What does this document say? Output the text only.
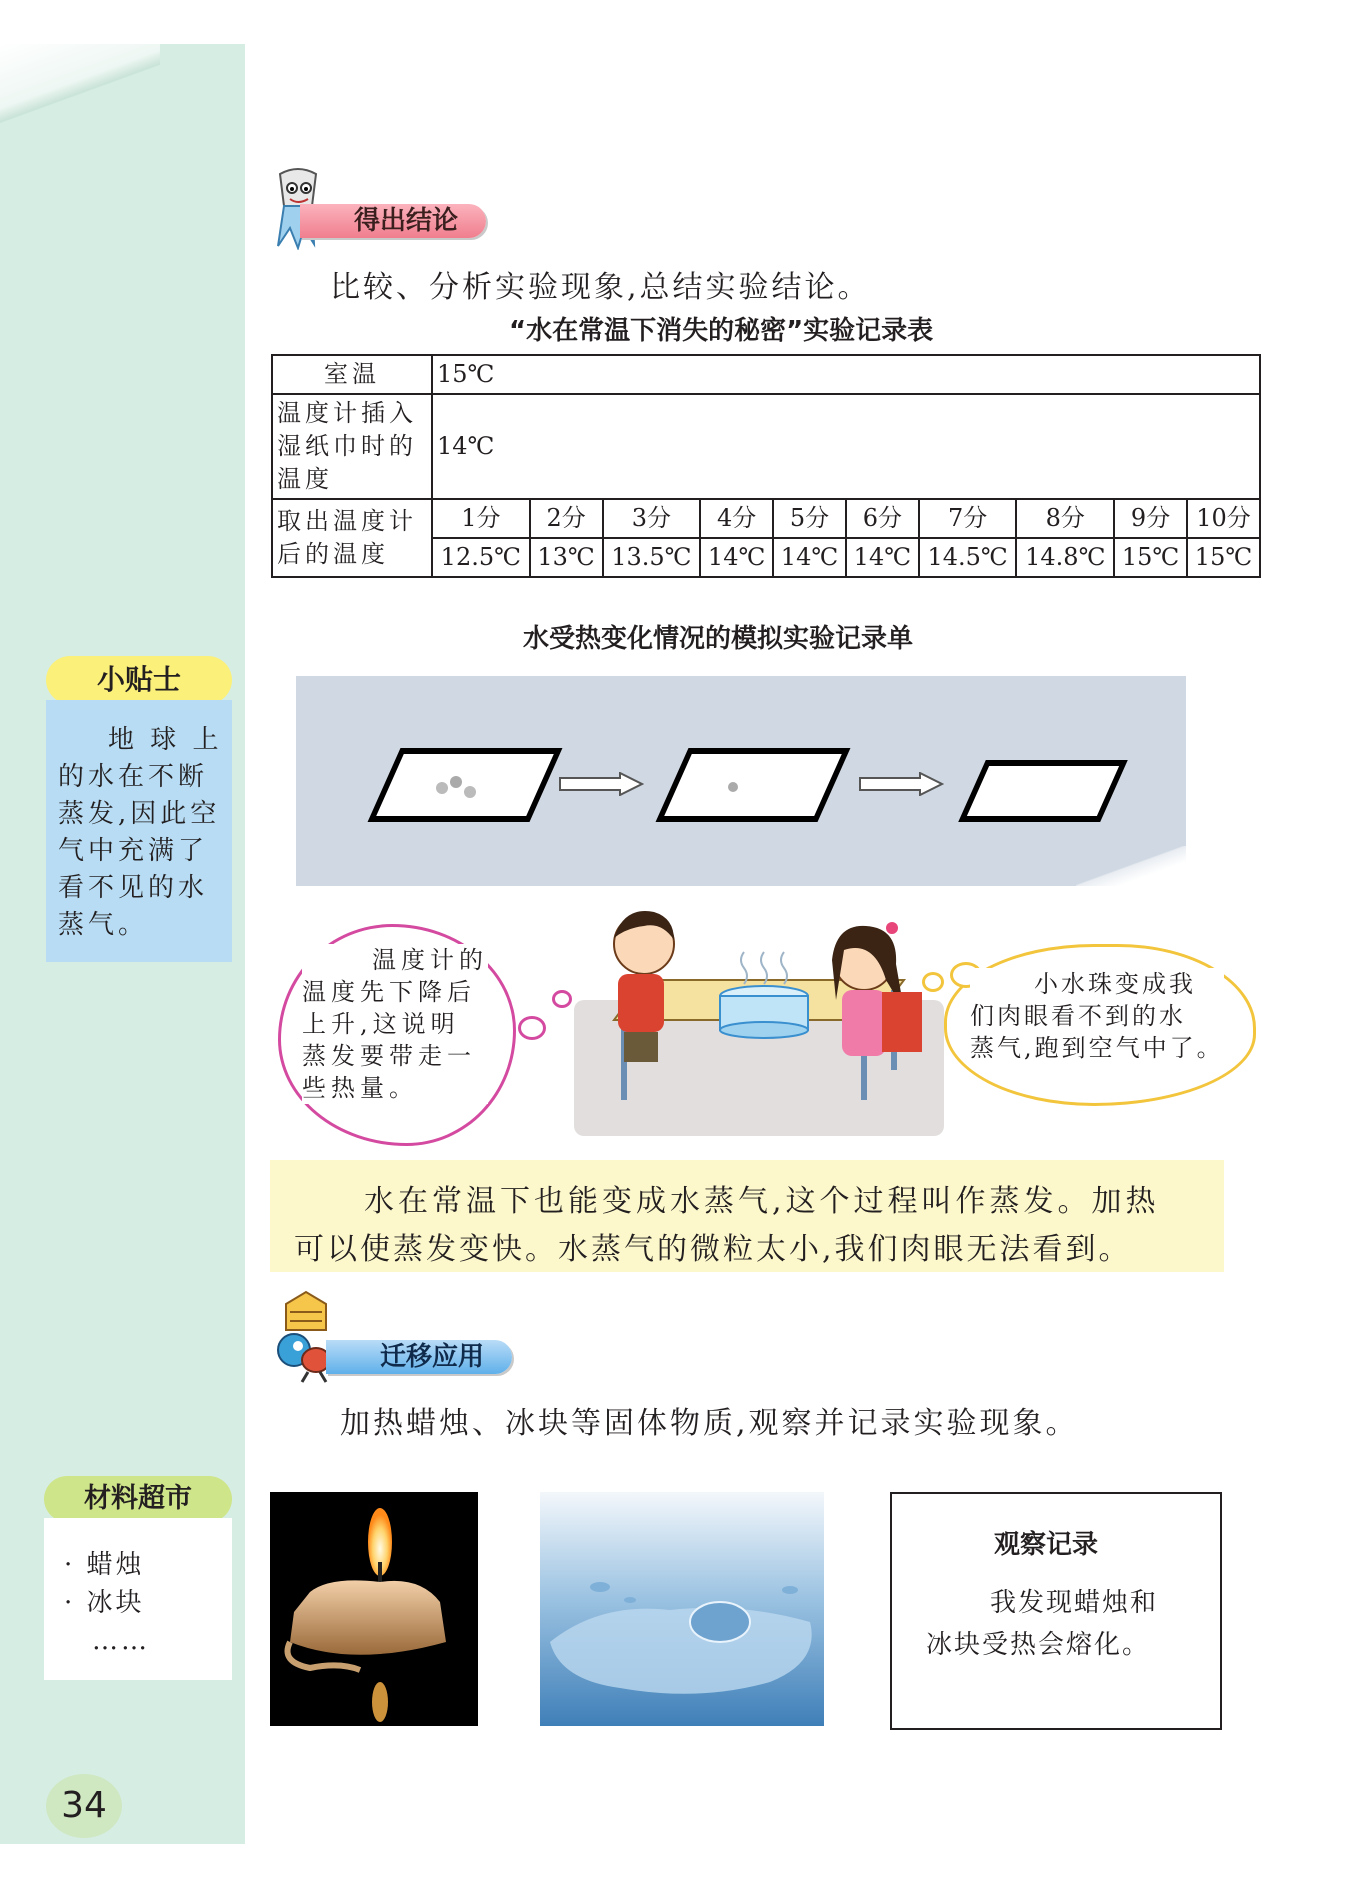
得出结论
比较、分析实验现象,总结实验结论。
“水在常温下消失的秘密”实验记录表
室温	15℃									

温度计插入
湿纸巾时的
温度	14℃									

取出温度计
后的温度	1分	2分	3分	4分	5分	6分	7分	8分	9分	10分
	12.5℃	13℃	13.5℃	14℃	14℃	14℃	14.5℃	14.8℃	15℃	15℃
水受热变化情况的模拟实验记录单
温度计的
温度先下降后
上升,这说明
蒸发要带走一
些热量。
小水珠变成我
们肉眼看不到的水
蒸气,跑到空气中了。
水在常温下也能变成水蒸气,这个过程叫作蒸发。加热
可以使蒸发变快。水蒸气的微粒太小,我们肉眼无法看到。
迁移应用
加热蜡烛、冰块等固体物质,观察并记录实验现象。
观察记录
我发现蜡烛和
冰块受热会熔化。
小贴士
地 球 上
的水在不断
蒸发,因此空
气中充满了
看不见的水
蒸气。
材料超市
· 蜡烛
· 冰块
……
34
